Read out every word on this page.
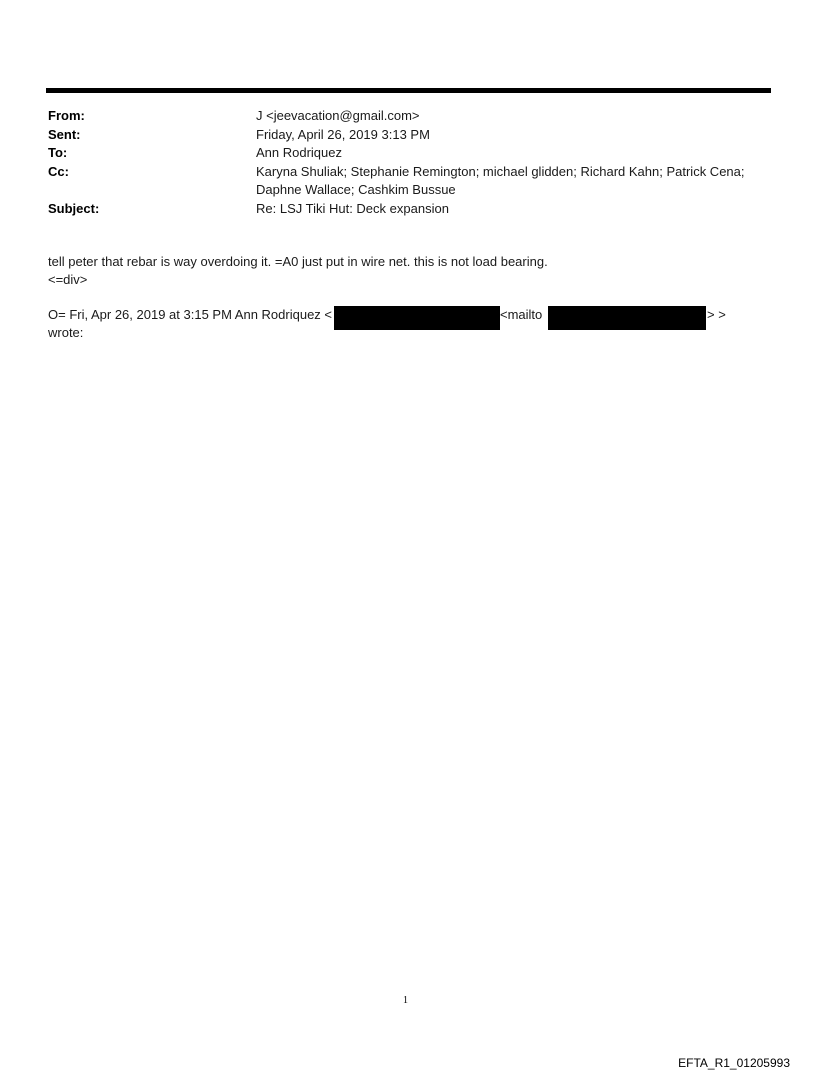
From:	J <jeevacation@gmail.com>
Sent:	Friday, April 26, 2019 3:13 PM
To:	Ann Rodriquez
Cc:	Karyna Shuliak; Stephanie Remington; michael glidden; Richard Kahn; Patrick Cena;
Daphne Wallace; Cashkim Bussue
Subject:	Re: LSJ Tiki Hut: Deck expansion
tell peter that rebar is way overdoing it. =A0 just put in wire net. this is not load bearing.
<=div>
O= Fri, Apr 26, 2019 at 3:15 PM Ann Rodriquez <	<mailto	> >
wrote:
1
EFTA_R1_01205993
